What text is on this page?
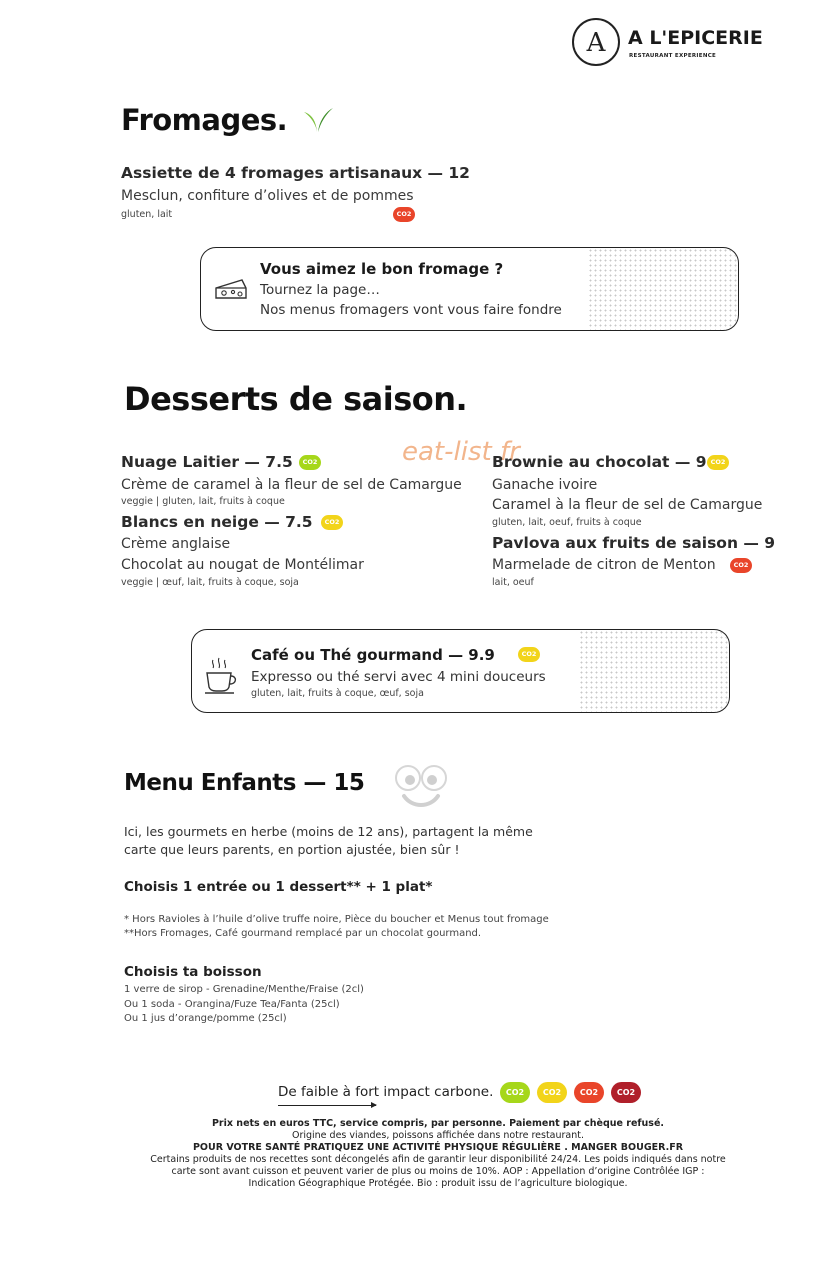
A	A L'EPICERIE
RESTAURANT EXPERIENCE
Fromages.
Assiette de 4 fromages artisanaux — 12
Mesclun, confiture d’olives et de pommes
gluten, lait	CO2
Vous aimez le bon fromage ?
Tournez la page…
Nos menus fromagers vont vous faire fondre
Desserts de saison.
eat-list.fr
Nuage Laitier — 7.5	CO2
Crème de caramel à la fleur de sel de Camargue
veggie | gluten, lait, fruits à coque
Blancs en neige — 7.5	CO2
Crème anglaise
Chocolat au nougat de Montélimar
veggie | œuf, lait, fruits à coque, soja
Brownie au chocolat — 9 CO2
Ganache ivoire
Caramel à la fleur de sel de Camargue
gluten, lait, oeuf, fruits à coque
Pavlova aux fruits de saison — 9
Marmelade de citron de Menton	CO2
lait, oeuf
Café ou Thé gourmand — 9.9	CO2
Expresso ou thé servi avec 4 mini douceurs
gluten, lait, fruits à coque, œuf, soja
Menu Enfants — 15
Ici, les gourmets en herbe (moins de 12 ans), partagent la même
carte que leurs parents, en portion ajustée, bien sûr !
Choisis 1 entrée ou 1 dessert** + 1 plat*
* Hors Ravioles à l’huile d’olive truffe noire, Pièce du boucher et Menus tout fromage
**Hors Fromages, Café gourmand remplacé par un chocolat gourmand.
Choisis ta boisson
1 verre de sirop - Grenadine/Menthe/Fraise (2cl)
Ou 1 soda - Orangina/Fuze Tea/Fanta (25cl)
Ou 1 jus d’orange/pomme (25cl)
De faible à fort impact carbone.	CO2	CO2	CO2	CO2
Prix nets en euros TTC, service compris, par personne. Paiement par chèque refusé.
Origine des viandes, poissons affichée dans notre restaurant.
POUR VOTRE SANTÉ PRATIQUEZ UNE ACTIVITÉ PHYSIQUE RÉGULIÈRE . MANGER BOUGER.FR
Certains produits de nos recettes sont décongelés afin de garantir leur disponibilité 24/24. Les poids indiqués dans notre
carte sont avant cuisson et peuvent varier de plus ou moins de 10%. AOP : Appellation d’origine Contrôlée IGP :
Indication Géographique Protégée. Bio : produit issu de l’agriculture biologique.
